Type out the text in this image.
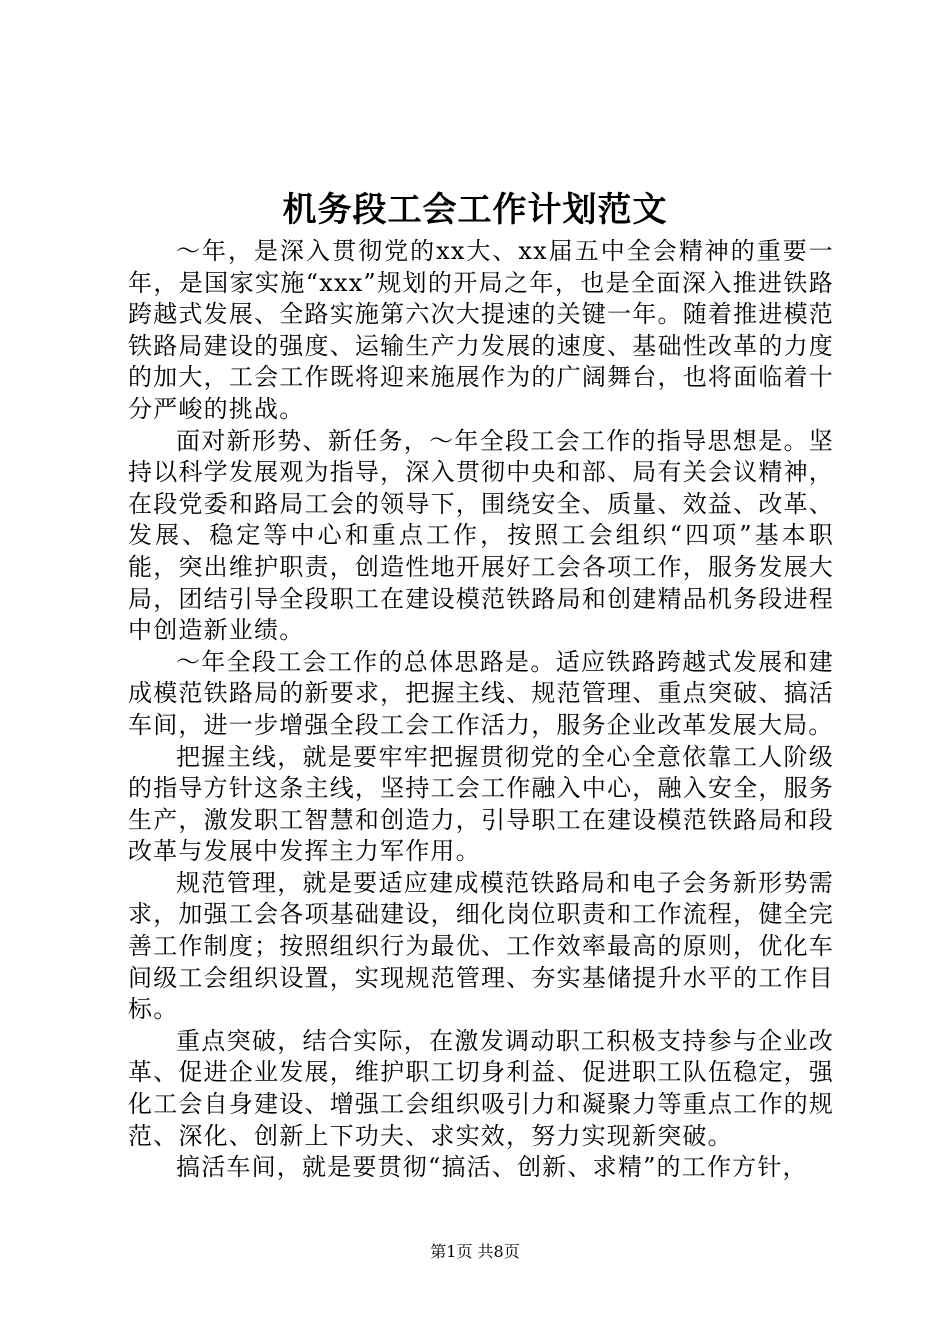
机务段工会工作计划范文

～年，是深入贯彻党的xx大、xx届五中全会精神的重要一年，是国家实施“xxx”规划的开局之年，也是全面深入推进铁路跨越式发展、全路实施第六次大提速的关键一年。随着推进模范铁路局建设的强度、运输生产力发展的速度、基础性改革的力度的加大，工会工作既将迎来施展作为的广阔舞台，也将面临着十分严峻的挑战。

面对新形势、新任务，～年全段工会工作的指导思想是。坚持以科学发展观为指导，深入贯彻中央和部、局有关会议精神，在段党委和路局工会的领导下，围绕安全、质量、效益、改革、发展、稳定等中心和重点工作，按照工会组织“四项”基本职能，突出维护职责，创造性地开展好工会各项工作，服务发展大局，团结引导全段职工在建设模范铁路局和创建精品机务段进程中创造新业绩。

～年全段工会工作的总体思路是。适应铁路跨越式发展和建成模范铁路局的新要求，把握主线、规范管理、重点突破、搞活车间，进一步增强全段工会工作活力，服务企业改革发展大局。

把握主线，就是要牢牢把握贯彻党的全心全意依靠工人阶级的指导方针这条主线，坚持工会工作融入中心，融入安全，服务生产，激发职工智慧和创造力，引导职工在建设模范铁路局和段改革与发展中发挥主力军作用。

规范管理，就是要适应建成模范铁路局和电子会务新形势需求，加强工会各项基础建设，细化岗位职责和工作流程，健全完善工作制度；按照组织行为最优、工作效率最高的原则，优化车间级工会组织设置，实现规范管理、夯实基储提升水平的工作目标。

重点突破，结合实际，在激发调动职工积极支持参与企业改革、促进企业发展，维护职工切身利益、促进职工队伍稳定，强化工会自身建设、增强工会组织吸引力和凝聚力等重点工作的规范、深化、创新上下功夫、求实效，努力实现新突破。

搞活车间，就是要贯彻“搞活、创新、求精”的工作方针，

第1页 共8页
